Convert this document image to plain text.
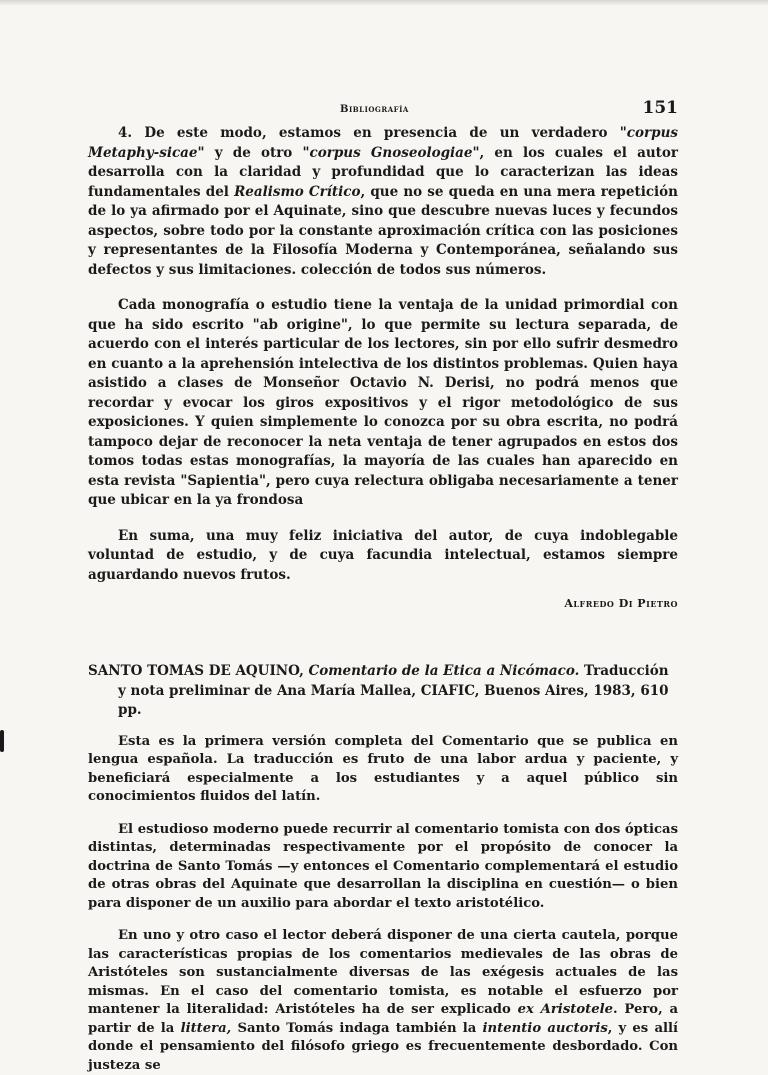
Bibliografía	151

4. De este modo, estamos en presencia de un verdadero "corpus Metaphy-sicae" y de otro "corpus Gnoseologiae", en los cuales el autor desarrolla con la claridad y profundidad que lo caracterizan las ideas fundamentales del Realismo Crítico, que no se queda en una mera repetición de lo ya afirmado por el Aquinate, sino que descubre nuevas luces y fecundos aspectos, sobre todo por la constante aproximación crítica con las posiciones y representantes de la Filosofía Moderna y Contemporánea, señalando sus defectos y sus limitaciones. colección de todos sus números.

Cada monografía o estudio tiene la ventaja de la unidad primordial con que ha sido escrito "ab origine", lo que permite su lectura separada, de acuerdo con el interés particular de los lectores, sin por ello sufrir desmedro en cuanto a la aprehensión intelectiva de los distintos problemas. Quien haya asistido a clases de Monseñor Octavio N. Derisi, no podrá menos que recordar y evocar los giros expositivos y el rigor metodológico de sus exposiciones. Y quien simplemente lo conozca por su obra escrita, no podrá tampoco dejar de reconocer la neta ventaja de tener agrupados en estos dos tomos todas estas monografías, la mayoría de las cuales han aparecido en esta revista "Sapientia", pero cuya relectura obligaba necesariamente a tener que ubicar en la ya frondosa

En suma, una muy feliz iniciativa del autor, de cuya indoblegable voluntad de estudio, y de cuya facundia intelectual, estamos siempre aguardando nuevos frutos.

Alfredo Di Pietro
SANTO TOMAS DE AQUINO, Comentario de la Etica a Nicómaco. Traducción
y nota preliminar de Ana María Mallea, CIAFIC, Buenos Aires, 1983, 610 pp.

Esta es la primera versión completa del Comentario que se publica en lengua española. La traducción es fruto de una labor ardua y paciente, y beneficiará especialmente a los estudiantes y a aquel público sin conocimientos fluidos del latín.

El estudioso moderno puede recurrir al comentario tomista con dos ópticas distintas, determinadas respectivamente por el propósito de conocer la doctrina de Santo Tomás —y entonces el Comentario complementará el estudio de otras obras del Aquinate que desarrollan la disciplina en cuestión— o bien para disponer de un auxilio para abordar el texto aristotélico.

En uno y otro caso el lector deberá disponer de una cierta cautela, porque las características propias de los comentarios medievales de las obras de Aristóteles son sustancialmente diversas de las exégesis actuales de las mismas. En el caso del comentario tomista, es notable el esfuerzo por mantener la literalidad: Aristóteles ha de ser explicado ex Aristotele. Pero, a partir de la littera, Santo Tomás indaga también la intentio auctoris, y es allí donde el pensamiento del filósofo griego es frecuentemente desbordado. Con justeza se
